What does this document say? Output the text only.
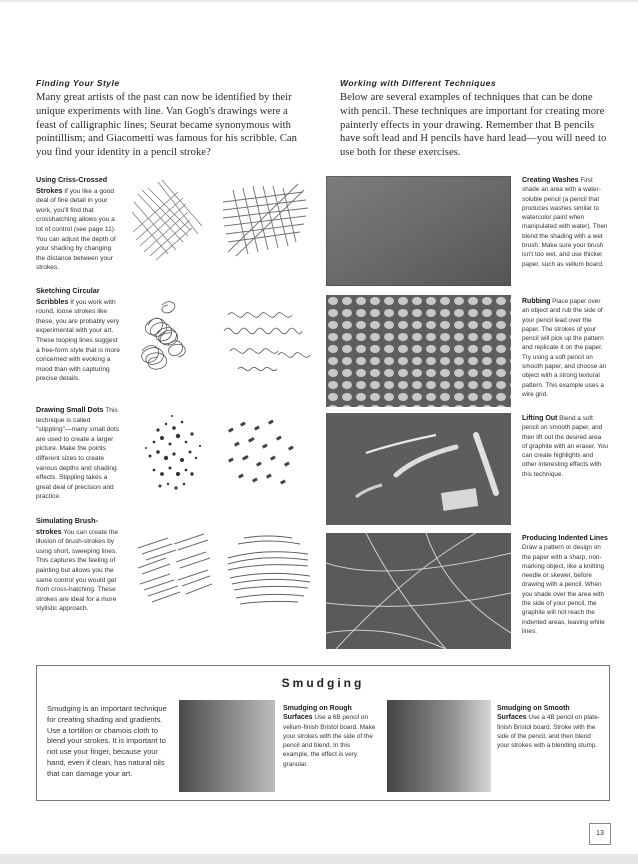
Finding Your Style

Many great artists of the past can now be identified by their unique experiments with line. Van Gogh's drawings were a feast of calligraphic lines; Seurat became synonymous with pointillism; and Giacometti was famous for his scribble. Can you find your identity in a pencil stroke?

Working with Different Techniques

Below are several examples of techniques that can be done with pencil. These techniques are important for creating more painterly effects in your drawing. Remember that B pencils have soft lead and H pencils have hard lead—you will need to use both for these exercises.

Using Criss-Crossed Strokes If you like a good deal of fine detail in your work, you'll find that crosshatching allows you a lot of control (see page 11). You can adjust the depth of your shading by changing the distance between your strokes.
Sketching Circular Scribbles If you work with round, loose strokes like these, you are probably very experimental with your art. These looping lines suggest a free-form style that is more concerned with evoking a mood than with capturing precise details.
Drawing Small Dots This technique is called "stippling"—many small dots are used to create a larger picture. Make the points different sizes to create various depths and shading effects. Stippling takes a great deal of precision and practice.
Simulating Brush-strokes You can create the illusion of brush-strokes by using short, sweeping lines. This captures the feeling of painting but allows you the same control you would get from cross-hatching. These strokes are ideal for a more stylistic approach.
Creating Washes First shade an area with a water-soluble pencil (a pencil that produces washes similar to watercolor paint when manipulated with water). Then blend the shading with a wet brush. Make sure your brush isn't too wet, and use thicker paper, such as vellum board.
Rubbing Place paper over an object and rub the side of your pencil lead over the paper. The strokes of your pencil will pick up the pattern and replicate it on the paper. Try using a soft pencil on smooth paper, and choose an object with a strong textural pattern. This example uses a wire grid.
Lifting Out Blend a soft pencil on smooth paper, and then lift out the desired area of graphite with an eraser. You can create highlights and other interesting effects with this technique.
Producing Indented Lines Draw a pattern or design on the paper with a sharp, non-marking object, like a knitting needle or skewer, before drawing with a pencil. When you shade over the area with the side of your pencil, the graphite will not reach the indented areas, leaving white lines.
Smudging
Smudging is an important technique for creating shading and gradients. Use a tortillon or chamois cloth to blend your strokes. It is important to not use your finger, because your hand, even if clean, has natural oils that can damage your art.
Smudging on Rough Surfaces Use a 6B pencil on vellum-finish Bristol board. Make your strokes with the side of the pencil and blend. In this example, the effect is very granular.
Smudging on Smooth Surfaces Use a 4B pencil on plate-finish Bristol board. Stroke with the side of the pencil, and then blend your strokes with a blending stump.
13
